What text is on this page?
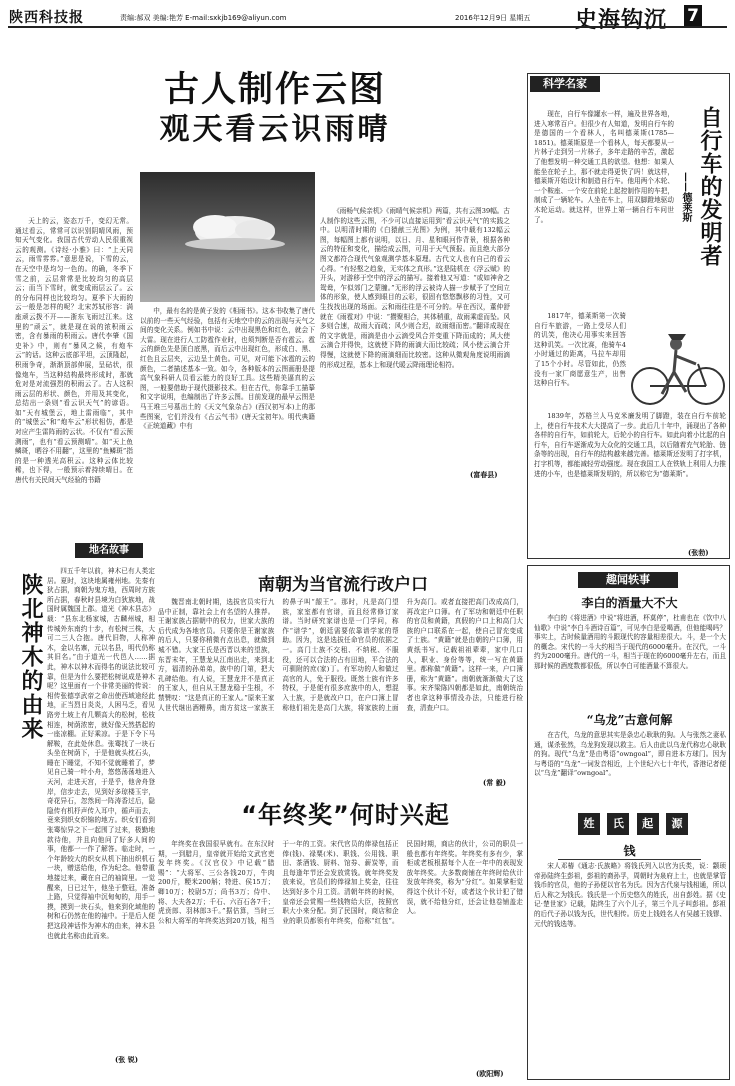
陕西科技报	责编:郝双 美编:艳芳 E-mail:sxkjb169@aliyun.com	2016年12月9日 星期五 史海钩沉 7
古人制作云图
观天看云识雨晴

天上的云，姿态万千，变幻无常。通过看云，常常可以识别阴晴风雨，预知天气变化。我国古代劳动人民很重视云的观测。《诗经·小雅》曰：“上天同云，雨雪雰雰。”意思是说，下雪的云，在天空中是均匀一色的。的确，冬季下雪之前，云层常常是比较均匀的高层云；而当下雪时，就变成雨层云了。云的分布同样也比较均匀。夏季下大雨的云一般是怎样的呢？北宋苏轼形容：满座顽云拨不开——浙东飞雨过江来。这里的“顽云”，就是现在说的浓积雨云密，含有暴雨的积雨云。唐代李肇《国史补》中，则有“暴风之候，有炮车云”的话。这种云底部平坦，云顶隆起，积雨争奇，渐渐顶部伸展，呈砧状，很像炮车，当这种结构最终形成时，那就危对是对流强烈的积雨云了。古人这积雨云层的形状、颜色，并用及其变化，总结出一条则“看云识天气”的谚语。如“天有城堡云，地上雷雨临”，其中的“城堡云”和“炮车云”形状相仿，都是对应产生雷阵雨的云状。不仅有“看云预测雨”，也有“看云预测晴”。如“天上鱼鳞斑，晒谷不用翻”，这里的“鱼鳞斑”指的是一种透光高积云。这种云体比较稀，也下得，一般预示着持续晴日。在唐代有关民间天气经验的书籍

中，最有名的是黄子发的《相雨书》。这本书收集了唐代以前的一些天气经验，包括有天地空中的云的出现与天气之间的变化关系。例如书中说：云中出现黑色和红色，就会下大雷。现在进行人工防雹作业时，也须判断是否有雹云。雹云的颜色先是顶白底黑，而后云中出现红色，形成白、黑、红色且云层夹，云边呈土黄色。可见，对可能下冰雹的云的颜色，二者描述基本一致。如今，各种版本的云图画册是提高气象科研人员看云能力的良好工具。这些精美逼真的云图，一般要借助于现代摄影技术。但在古代，你靠手工描摹和文字说明，也编制出了许多云图。目前发现的最早云图是马王堆三号墓出土的《天文气象杂占》(西汉初写本)上的那些图案，它们并没有《占云气书》(唐天宝初年)。明代典籍《正统道藏》中有

《雨畅气候亲机》《雨晴气候亲机》两篇，共有云图39幅。古人制作的这些云图，不少可以直接运用到“看云识天气”的实践之中。以明清时期的《白猿献三光图》为例，其中载有132幅云图，每幅图上都有说明，以日、月、星和眼河作背景，根据各种云的特征和变化，描绘成云图，可用于天气预报。而且绝大部分图文都符合现代气象观测学基本原理。古代文人也有自己的看云心得。“有轻壑之趋象，无实体之真形。”这是陆机在《浮云赋》的开头，对游移于空中的浮云的描写。接着他又写道：“或如神舍之鸳鸯，乍似郊门之蒙膧。”无形的浮云被诗人描一步赋予了空间立体的形象，使人感到眼目的云彩，很固有悠悠飘移的习性，又可生找找出现的场面。云和雨往往是不可分的。早在西汉，董仲舒就在《雨雹对》中说：“攒聚相合，其体稍重，故雨乘虚而坠。风多则合速，故雨大而疏；风少则合迟，故雨细而密。”翻译成现在的文字就是，雨滴是由小云滴受风合并变重下降而成的；风大使云滴合并得快，这就使下降的雨滴大而比较疏；风小使云滴合并得慢，这就使下降的雨滴细而比较密。这种从微观角度说明雨滴的形成过程，基本上和现代暖云降雨理论相符。

(富春县)
科学名家

现在，自行车像罐水一样，遍及世界各地，进入寒常百户。但很少有人知道，发明自行车的是德国的一个看林人，名叫德莱斯(1785—1851)。德莱斯原是一个看林人，每天都要从一片林子走到另一片林子，多年走路的辛苦，激起了他想发明一种交通工具的欲望。他想：如果人能坐在轮子上，那不就走得更快了吗！就这样，德莱斯开始设计和制造自行车。他用两个木轮、一个鞍座、一个安在前轮上起控制作用的车把，制成了一辆轮车。人坐在车上，用双脚蹬地驱动木轮运动。就这样，世界上第一辆自行车问世了。	自行车的发明者
——德莱斯

1817年，德莱斯第一次骑自行车旅游，一路上受尽人们的讥笑，他决心用事实来回答这种讥笑。一次比赛，他骑车4小时通过的距离，马拉车却用了15个小时。尽管如此，仍然没有一家厂商愿意生产，出售这种自行车。

1839年，苏格兰人马克米廉发明了脚蹬，装在自行车前轮上，使自行车技术大大提高了一步。此后几十年中，涌现出了各种各样的自行车，如前轮大，后轮小的自行车。如此向着小比起的自行车，自行车逐渐成为大众化的交通工具，以后随着充气轮胎、链条等的出现，自行车的结构越来越完善。德莱斯还发明了打字机，打字机等，都能减轻劳动强度。现在我国工人在铁轨上利用人力推进的小车，也是德莱斯发明的，所以称它为“德莱斯”。

(张勃)
地名故事
陕北神木的由来

四五千年以前，神木已有人类定居。夏时，这块地属雍州地。先秦有狄占据，商朝为鬼方地，西周时方族所占据，春秋时县境为白狄族地，战国时属魏国上郡。道光《神木县志》载：“县东北杨家城，古麟州城，相传城外东南约十步，有松树三株，大可二三人合抱。唐代旧物，人称神木，金以名寨，元以名县，明代仍称其旧名。”由于道光一代邑人……据此，神木以神木而得名的说法比较可靠，但是为什么要把松树说成是神木呢？这里面有一个非常美丽的传说：相传张德享武帝之命出使西域途经此地，正当烈日炎炎，人困马乏，看见路旁土坡上有几颗高大的松树，松枝相连，树荫浓密，就好像天然搭起的一座凉棚。正好乘凉。于是下令下马解鞍，在此处休息。张骞找了一块石头坐在树荫下，于是他就头枕石头，睡在下睡觉，不知不觉就睡着了，梦见自己骑一叶小舟，悠悠荡荡地进入天河，走进天宫，于是乎，他舍舟登岸，信步走去，见到好多琼楼玉宇，奇花异石，忽然间一阵涛香过后，隐隐传有机杼声传入耳中，循声而去，竟来到织女织锦的地方。织女们看到张骞惊异之下一起围了过来，极勤地款待他，并且向他问了好多人间的事，他都一一作了解答。临走时，一个年龄较大的织女从机下抽出织机石一块，赠送给他，作为纪念。他带重地接过来，藏在自己的袖筒里。一觉醒来，日已过午，他坐于整冠，准备上路，只觉得袖中沉甸甸的，用手一摸，摸到一块石头，他来到化域他的树和石仍然在他的袖中。于是后人便把这段神话作为神木的由来，神木县也就此名称由此而来。

(张 锐)
南朝为当官流行改户口

魏晋南北朝时期，选拔官员实行九品中正制，靠社会上有名望的人推荐。王谢家族占据朝中的权力，世家大族的后代成为各地官员。只要你是王谢家族的后人，只要你稍微有点出息，就做到城不错。大家王氏是西晋以来的望族，东晋末年，王慧龙从江南出走，来到北方，福清的孙弟弟，族中的门第，把大孔碑给他。有人说，王慧龙并不是真正的王家人，但自从王慧龙稳于生根，不禁赞叹：“这是真正的王家人。”原来王家人世代继出酒糟鼻，南方贫这一家族王的鼻子叫“龈王”。那时，凡是高门望族，家室都有官谱，而且经常修订家谱。当时研究家谱也是一门学问，称作“谱学”，朝廷需要依靠谱学家的帮助。因为，这是选拔任命官员的依据之一。高门士族不交租、不纳税、不服役，还可以合法的占有田地，平合法的可驯附的庶(家)丁。有军功的人和做过高官的人，免于服役。既然士族有许多特权，于是便有很多庶族中的人，想混入士族，于是就改户口，在户口簿上冒称他们祖先是高门大族，将家族的上面升为高门。或者直接把高门改成高门，再改定户口簿。有了军功和朝廷中任职的官员和黄籍，真假的户口上和高门大族的户口联系在一起，使自己冒充变成了士族。“黄籍”就是由朝的户口簿，用黄纸书写。记载祖祖辈辈，家中几口人，职业、身份等等，统一写在黄籍里。都称做“黄籍”。这样一来，户口簿册，称为“黄籍”。南朝就渐渐做大了这事。宋齐梁陈四朝都是如此，南朝统治者也拿这种事情没办法，只能进行检查，清查户口。

(常 毅)
“年终奖”何时兴起

年终奖在我国很早就有。在东汉时期，一到腊月，皇帝就开始给文武官吏发年终奖。《汉官仪》中记载“腊赐”：“大将军、三公各钱20万，牛肉200斤，粳米200斛；特进、侯15万；卿10万；校尉5万；尚书3万；侍中、将、大夫各2万；千石、六百石各7千；虎贲郎、羽林郎3千。”据估算，当时三公和大将军的年终奖达到20万钱，相当于一年的工资。宋代官员的俸禄包括正俸(钱)、禄粟(米)、职钱、公用钱、职田、茶酒钱、厨料、馆券、薪炭等，而且每逢年节还会发放赏钱。就年终奖发放来说，官员们的俸禄加上奖金，往往达到好多个月工资。清朝年终的时候，皇帝还会赏赐一些钱物给大臣，按照官职大小来分配。到了民国时，商店和企业的职员都领有年终奖，俗称“红包”。民国时期，商店的伙计，公司的职员一般也都有年终奖。年终奖有多有少，掌柜或老板根据每个人在一年中的表现发放年终奖。大多数商铺在年终时给伙计发放年终奖，称为“分红”。如果掌柜觉得这个伙计不好，或者这个伙计犯了错误，就不给他分红，还会让他卷铺盖走人。

(欧阳辉)
趣闻轶事
李白的酒量大不大

李白的《将进酒》中说“将进酒，杯莫停”，杜甫也在《饮中八仙歌》中说“李白斗酒诗百篇”，可见李白是爱喝酒，但他能喝吗？事实上，古时候量酒用的斗跟现代的容量相差很大。斗，是一个大的概念。宋代的一斗大约相当于现代的6000毫升。在汉代，一斗约为2000毫升。唐代的一斗，相当于现在的6000毫升左右，而且那时候的酒度数都很低，所以李白可能酒量不算很大。

“乌龙”古意何解

在古代，乌龙的意思其实是条忠心耿耿的狗。人与张然之妻私通，谋杀张然，乌龙狗发现以救主。后人由此以乌龙代称忠心耿耿的狗。现代“乌龙”是由粤语“owngoal”，即自进本方球门。因为与粤语的“乌龙”一词发音相近，上个世纪六七十年代，香港记者便以“乌龙”翻译“owngoal”。

姓	氏	起	源
钱

宋人邓椿《通志·氏族略》将钱氏列入以官为氏类，说：颛顼帝孙陆终生彭祖，彭祖的裔孙孚，周朝时为泉府上士，也就是掌管钱币的官员，他的子孙便以官名为氏。因为古代泉与钱相通，所以后人称之为钱氏。钱氏是一个历史悠久的姓氏，出自彭姓。据《史记·楚世家》记载，陆终生了六个儿子，第三个儿子叫彭祖。彭祖的后代子孙以钱为氏，世代相传。历史上钱姓名人有吴越王钱镠、元代的钱选等。
